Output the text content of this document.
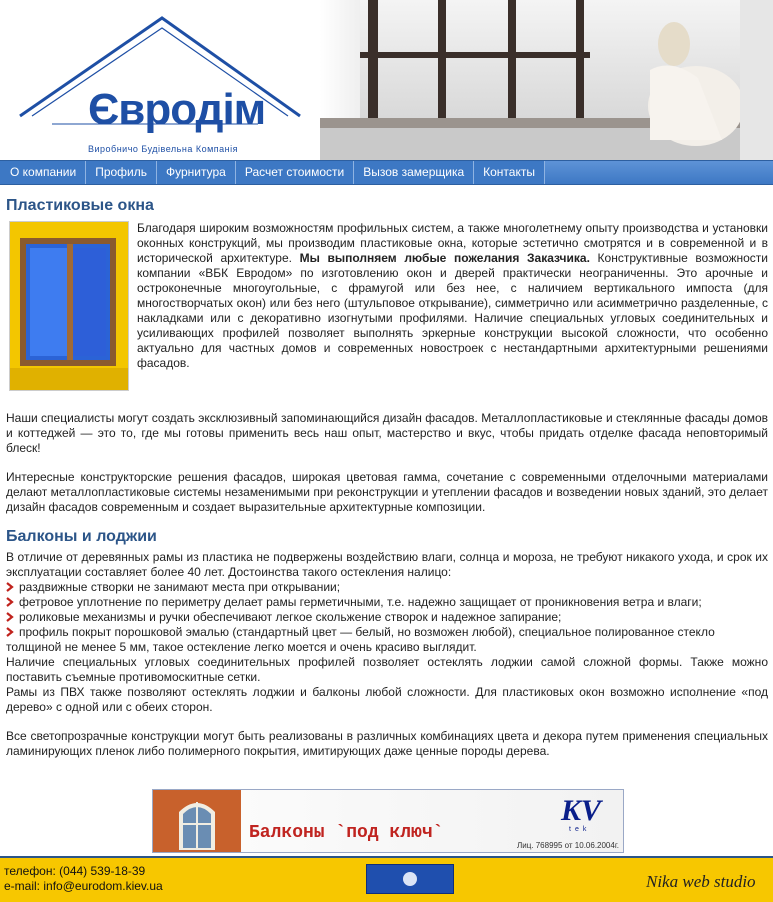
Євродім
Виробничо Будівельна Компанія
О компании	Профиль	Фурнитура	Расчет стоимости	Вызов замерщика	Контакты
Пластиковые окна

Благодаря широким возможностям профильных систем, а также многолетнему опыту производства и установки оконных конструкций, мы производим пластиковые окна, которые эстетично смотрятся и в современной и в исторической архитектуре. Мы выполняем любые пожелания Заказчика. Конструктивные возможности компании «ВБК Евродом» по изготовлению окон и дверей практически неограниченны. Это арочные и остроконечные многоугольные, с фрамугой или без нее, с наличием вертикального импоста (для многостворчатых окон) или без него (штульповое открывание), симметрично или асимметрично разделенные, с накладками или с декоративно изогнутыми профилями. Наличие специальных угловых соединительных и усиливающих профилей позволяет выполнять эркерные конструкции высокой сложности, что особенно актуально для частных домов и современных новостроек с нестандартными архитектурными решениями фасадов.

Наши специалисты могут создать эксклюзивный запоминающийся дизайн фасадов. Металлопластиковые и стеклянные фасады домов и коттеджей — это то, где мы готовы применить весь наш опыт, мастерство и вкус, чтобы придать отделке фасада неповторимый блеск!

Интересные конструкторские решения фасадов, широкая цветовая гамма, сочетание с современными отделочными материалами делают металлопластиковые системы незаменимыми при реконструкции и утеплении фасадов и возведении новых зданий, это делает дизайн фасадов современным и создает выразительные архитектурные композиции.

Балконы и лоджии

В отличие от деревянных рамы из пластика не подвержены воздействию влаги, солнца и мороза, не требуют никакого ухода, и срок их эксплуатации составляет более 40 лет. Достоинства такого остекления налицо:

раздвижные створки не занимают места при открывании;
фетровое уплотнение по периметру делает рамы герметичными, т.е. надежно защищает от проникновения ветра и влаги;
роликовые механизмы и ручки обеспечивают легкое скольжение створок и надежное запирание;
профиль покрыт порошковой эмалью (стандартный цвет — белый, но возможен любой), специальное полированное стекло толщиной не менее 5 мм, такое остекление легко моется и очень красиво выглядит.

Наличие специальных угловых соединительных профилей позволяет остеклять лоджии самой сложной формы. Также можно поставить съемные противомоскитные сетки.

Рамы из ПВХ также позволяют остеклять лоджии и балконы любой сложности. Для пластиковых окон возможно исполнение «под дерево» с одной или с обеих сторон.

Все светопрозрачные конструкции могут быть реализованы в различных комбинациях цвета и декора путем применения специальных ламинирующих пленок либо полимерного покрытия, имитирующих даже ценные породы дерева.

Балконы `под ключ`
KV
tek
Лиц. 768995 от 10.06.2004г.
телефон: (044) 539-18-39
e-mail: info@eurodom.kiev.ua	Nika web studio
